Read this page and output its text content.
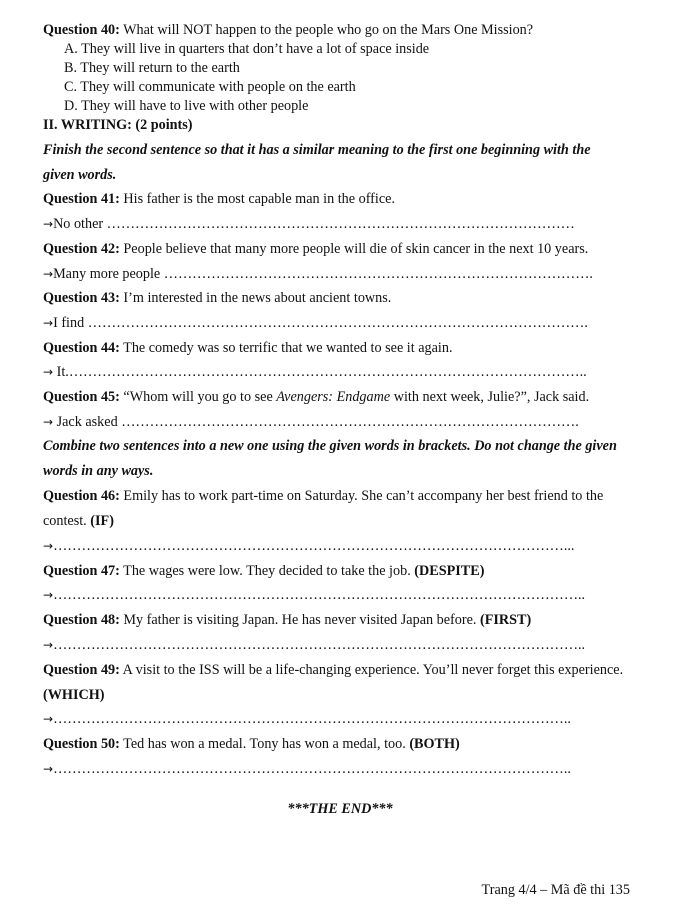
Question 40: What will NOT happen to the people who go on the Mars One Mission?
A. They will live in quarters that don’t have a lot of space inside
B. They will return to the earth
C. They will communicate with people on the earth
D. They will have to live with other people
II. WRITING: (2 points)
Finish the second sentence so that it has a similar meaning to the first one beginning with the
given words.
Question 41: His father is the most capable man in the office.
→No other ………………………………………………………………………………………
Question 42: People believe that many more people will die of skin cancer in the next 10 years.
→Many more people ……………………………………………………………………………….
Question 43: I’m interested in the news about ancient towns.
→I find …………………………………………………………………………………………….
Question 44: The comedy was so terrific that we wanted to see it again.
→ It.………………………………………………………………………………………………..
Question 45: “Whom will you go to see Avengers: Endgame with next week, Julie?”, Jack said.
→ Jack asked …………………………………………………………………………………….
Combine two sentences into a new one using the given words in brackets. Do not change the given
words in any ways.
Question 46: Emily has to work part-time on Saturday. She can’t accompany her best friend to the
contest. (IF)
→………………………………………………………………………………………………...
Question 47: The wages were low. They decided to take the job. (DESPITE)
→…………………………………………………………………………………………………..
Question 48: My father is visiting Japan. He has never visited Japan before. (FIRST)
→…………………………………………………………………………………………………..
Question 49: A visit to the ISS will be a life-changing experience. You’ll never forget this experience.
(WHICH)
→………………………………………………………………………………………………..
Question 50: Ted has won a medal. Tony has won a medal, too. (BOTH)
→………………………………………………………………………………………………..
***THE END***
Trang 4/4 – Mã đề thi 135
